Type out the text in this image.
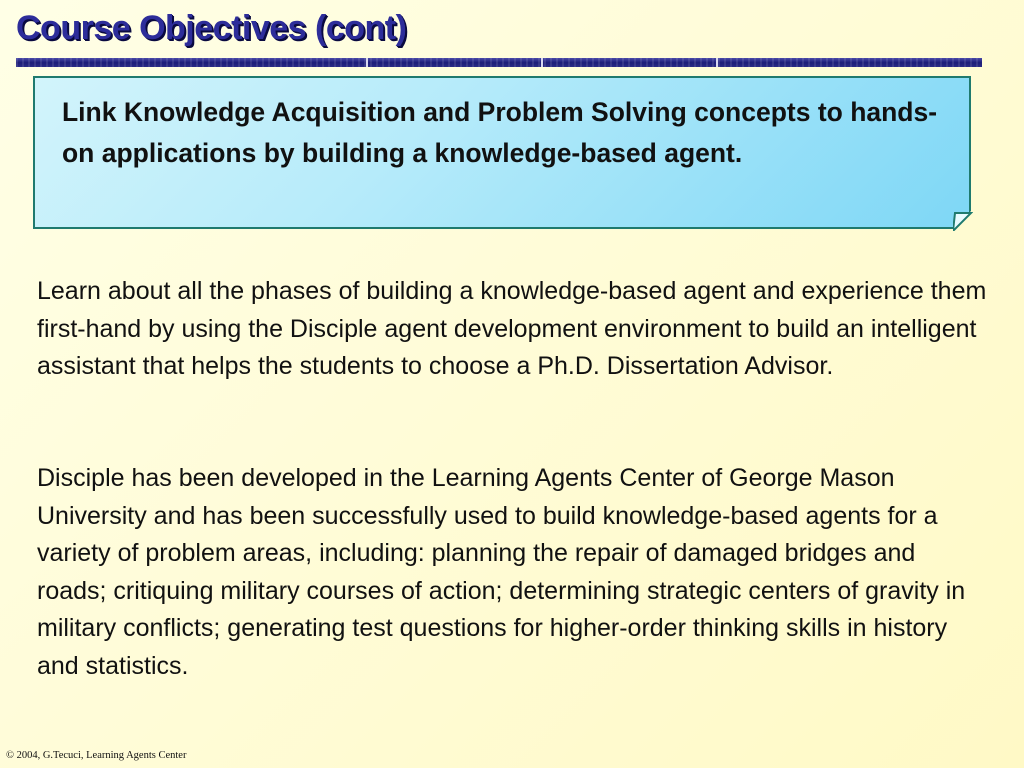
Course Objectives (cont)

Link Knowledge Acquisition and Problem Solving concepts to hands-on applications by building a knowledge-based agent.

Learn about all the phases of building a knowledge-based agent and experience them first-hand by using the Disciple agent development environment to build an intelligent assistant that helps the students to choose a Ph.D. Dissertation Advisor.

Disciple has been developed in the Learning Agents Center of George Mason University and has been successfully used to build knowledge-based agents for a variety of problem areas, including: planning the repair of damaged bridges and roads; critiquing military courses of action; determining strategic centers of gravity in military conflicts; generating test questions for higher-order thinking skills in history and statistics.

© 2004, G.Tecuci, Learning Agents Center
